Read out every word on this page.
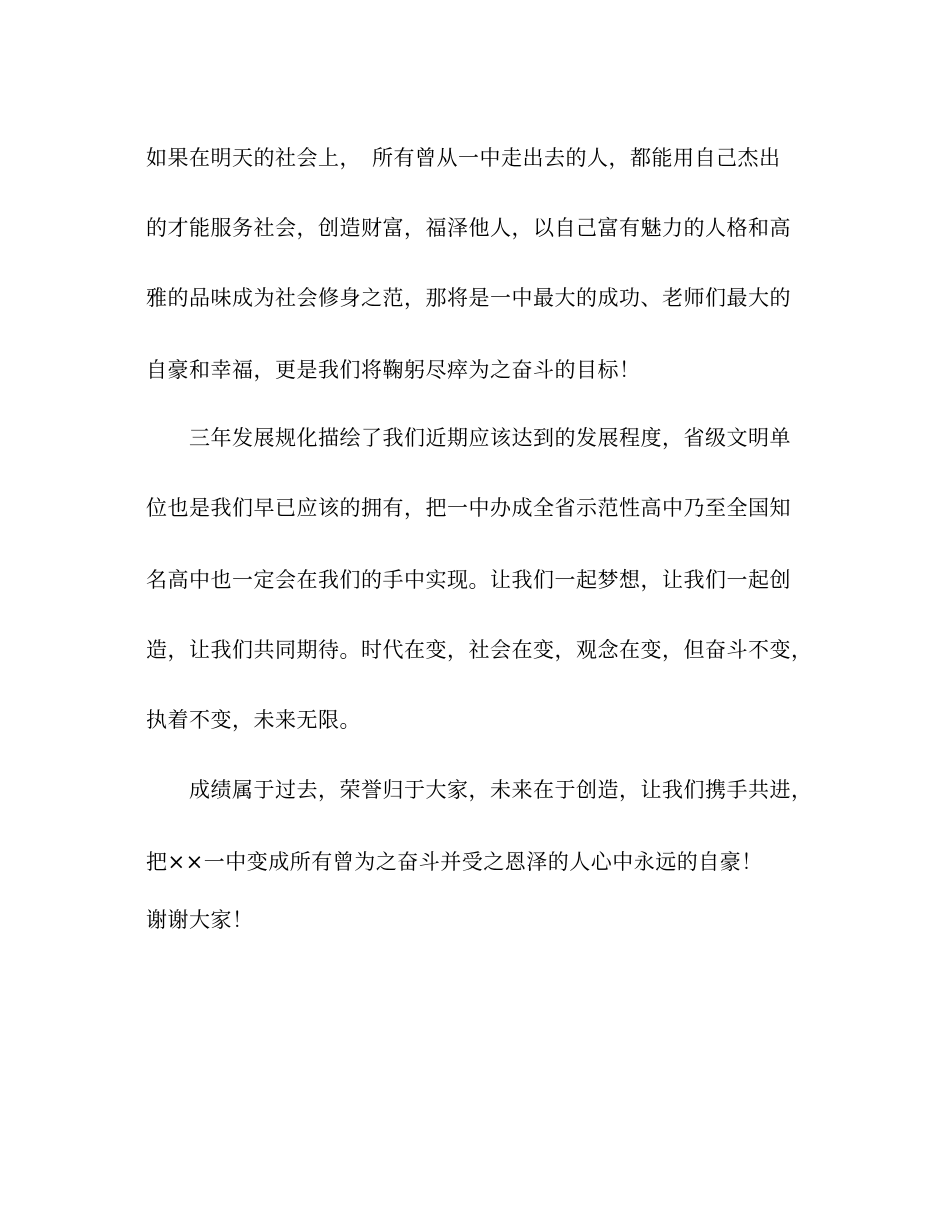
如果在明天的社会上，　所有曾从一中走出去的人，都能用自己杰出
的才能服务社会，创造财富，福泽他人，以自己富有魅力的人格和高
雅的品味成为社会修身之范，那将是一中最大的成功、老师们最大的
自豪和幸福，更是我们将鞠躬尽瘁为之奋斗的目标！
三年发展规化描绘了我们近期应该达到的发展程度，省级文明单
位也是我们早已应该的拥有，把一中办成全省示范性高中乃至全国知
名高中也一定会在我们的手中实现。让我们一起梦想，让我们一起创
造，让我们共同期待。时代在变，社会在变，观念在变，但奋斗不变，
执着不变，未来无限。
成绩属于过去，荣誉归于大家，未来在于创造，让我们携手共进，
把××一中变成所有曾为之奋斗并受之恩泽的人心中永远的自豪！
谢谢大家！
